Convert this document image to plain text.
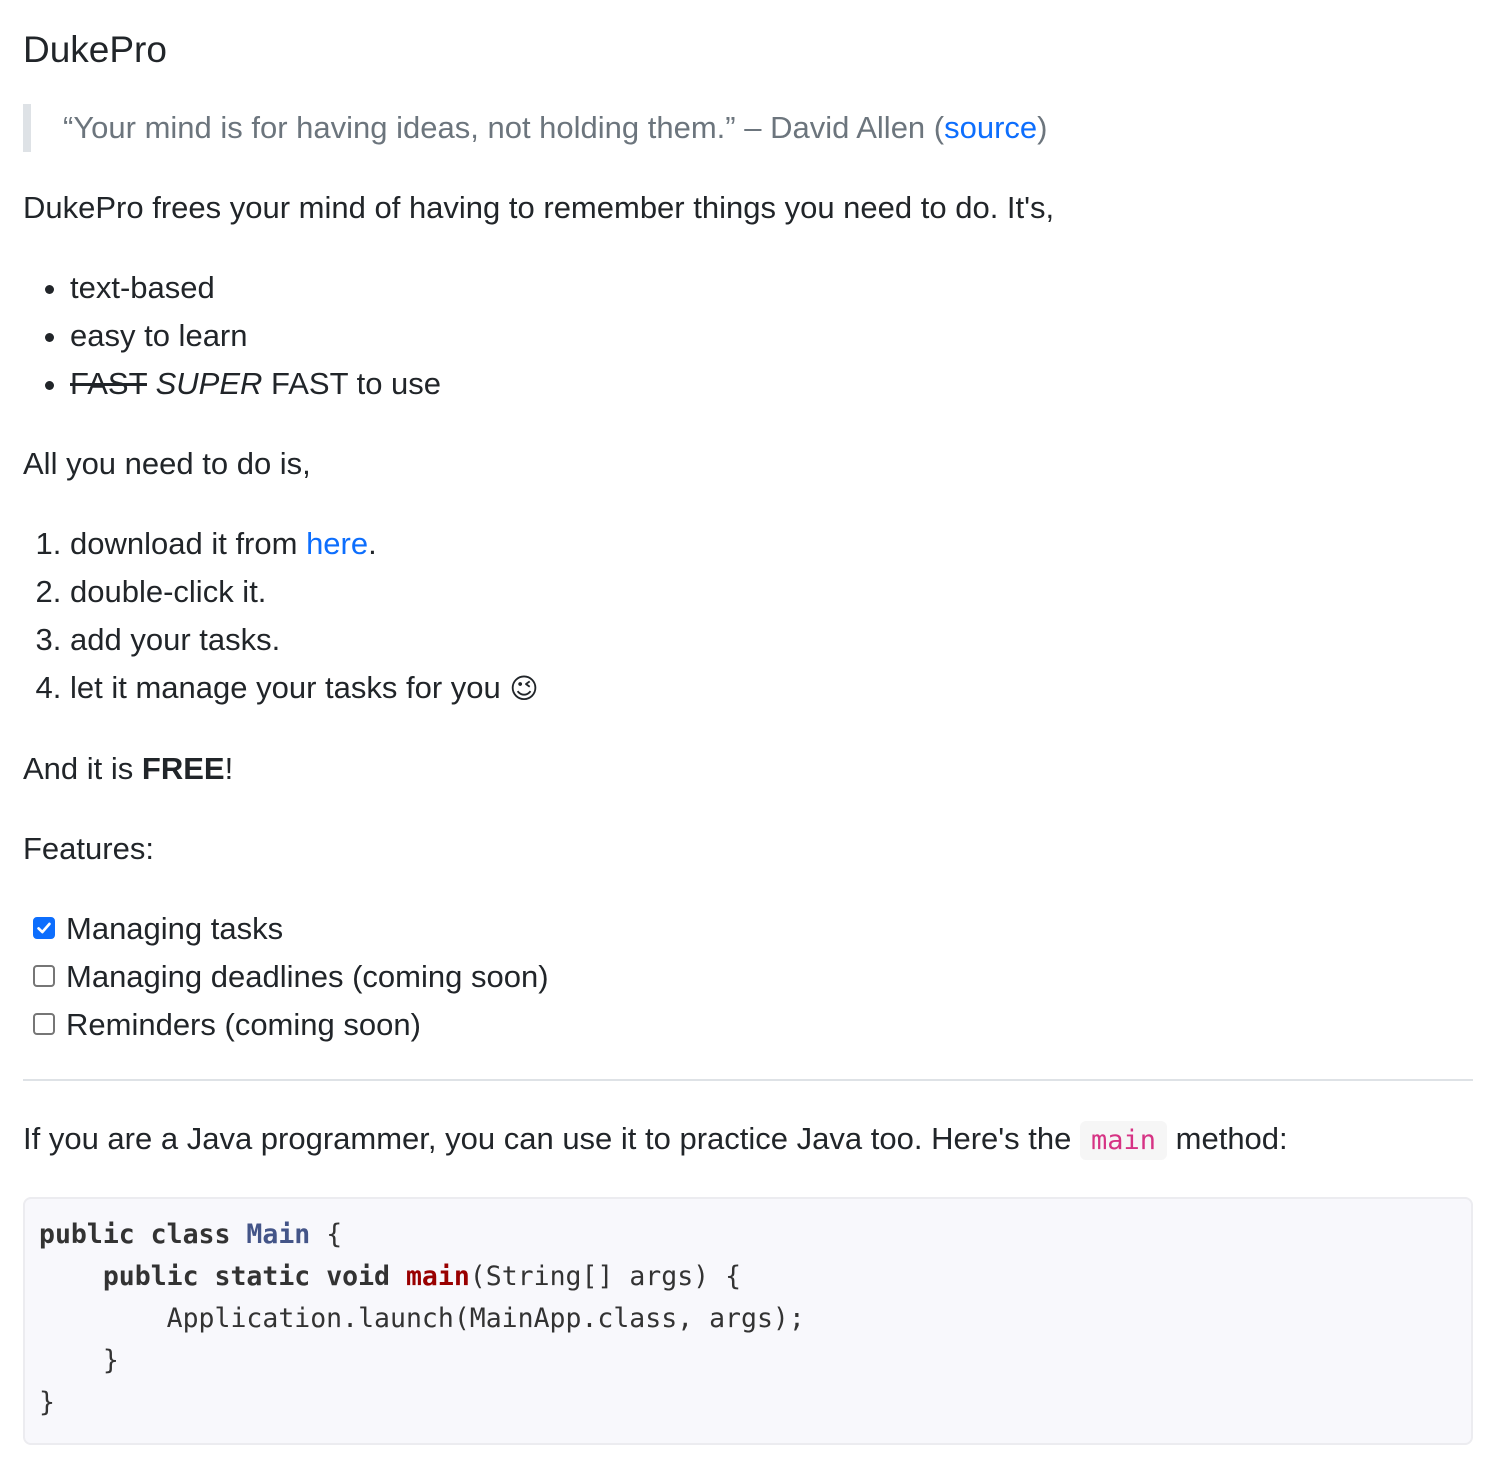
DukePro
“Your mind is for having ideas, not holding them.” – David Allen (source)

DukePro frees your mind of having to remember things you need to do. It's,

• text-based
• easy to learn
• FAST SUPER FAST to use

All you need to do is,

1. download it from here.
2. double-click it.
3. add your tasks.
4. let it manage your tasks for you 😉

And it is FREE!

Features:

Managing tasks
Managing deadlines (coming soon)
Reminders (coming soon)

If you are a Java programmer, you can use it to practice Java too. Here's the main method:

public class Main {
public static void main(String[] args) {
Application.launch(MainApp.class, args);
}
}
